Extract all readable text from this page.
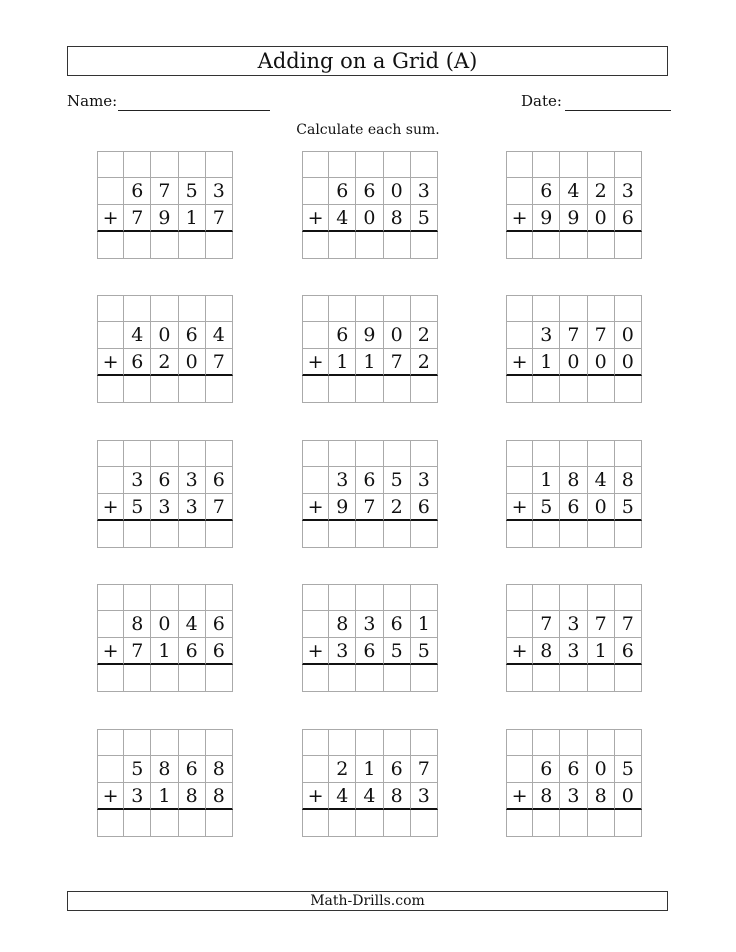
Adding on a Grid (A)
Name:	Date:
Calculate each sum.
6 7 5 3
+ 7 9 1 7
6 6 0 3
+ 4 0 8 5
6 4 2 3
+ 9 9 0 6
4 0 6 4
+ 6 2 0 7
6 9 0 2
+ 1 1 7 2
3 7 7 0
+ 1 0 0 0
3 6 3 6
+ 5 3 3 7
3 6 5 3
+ 9 7 2 6
1 8 4 8
+ 5 6 0 5
8 0 4 6
+ 7 1 6 6
8 3 6 1
+ 3 6 5 5
7 3 7 7
+ 8 3 1 6
5 8 6 8
+ 3 1 8 8
2 1 6 7
+ 4 4 8 3
6 6 0 5
+ 8 3 8 0
Math-Drills.com
